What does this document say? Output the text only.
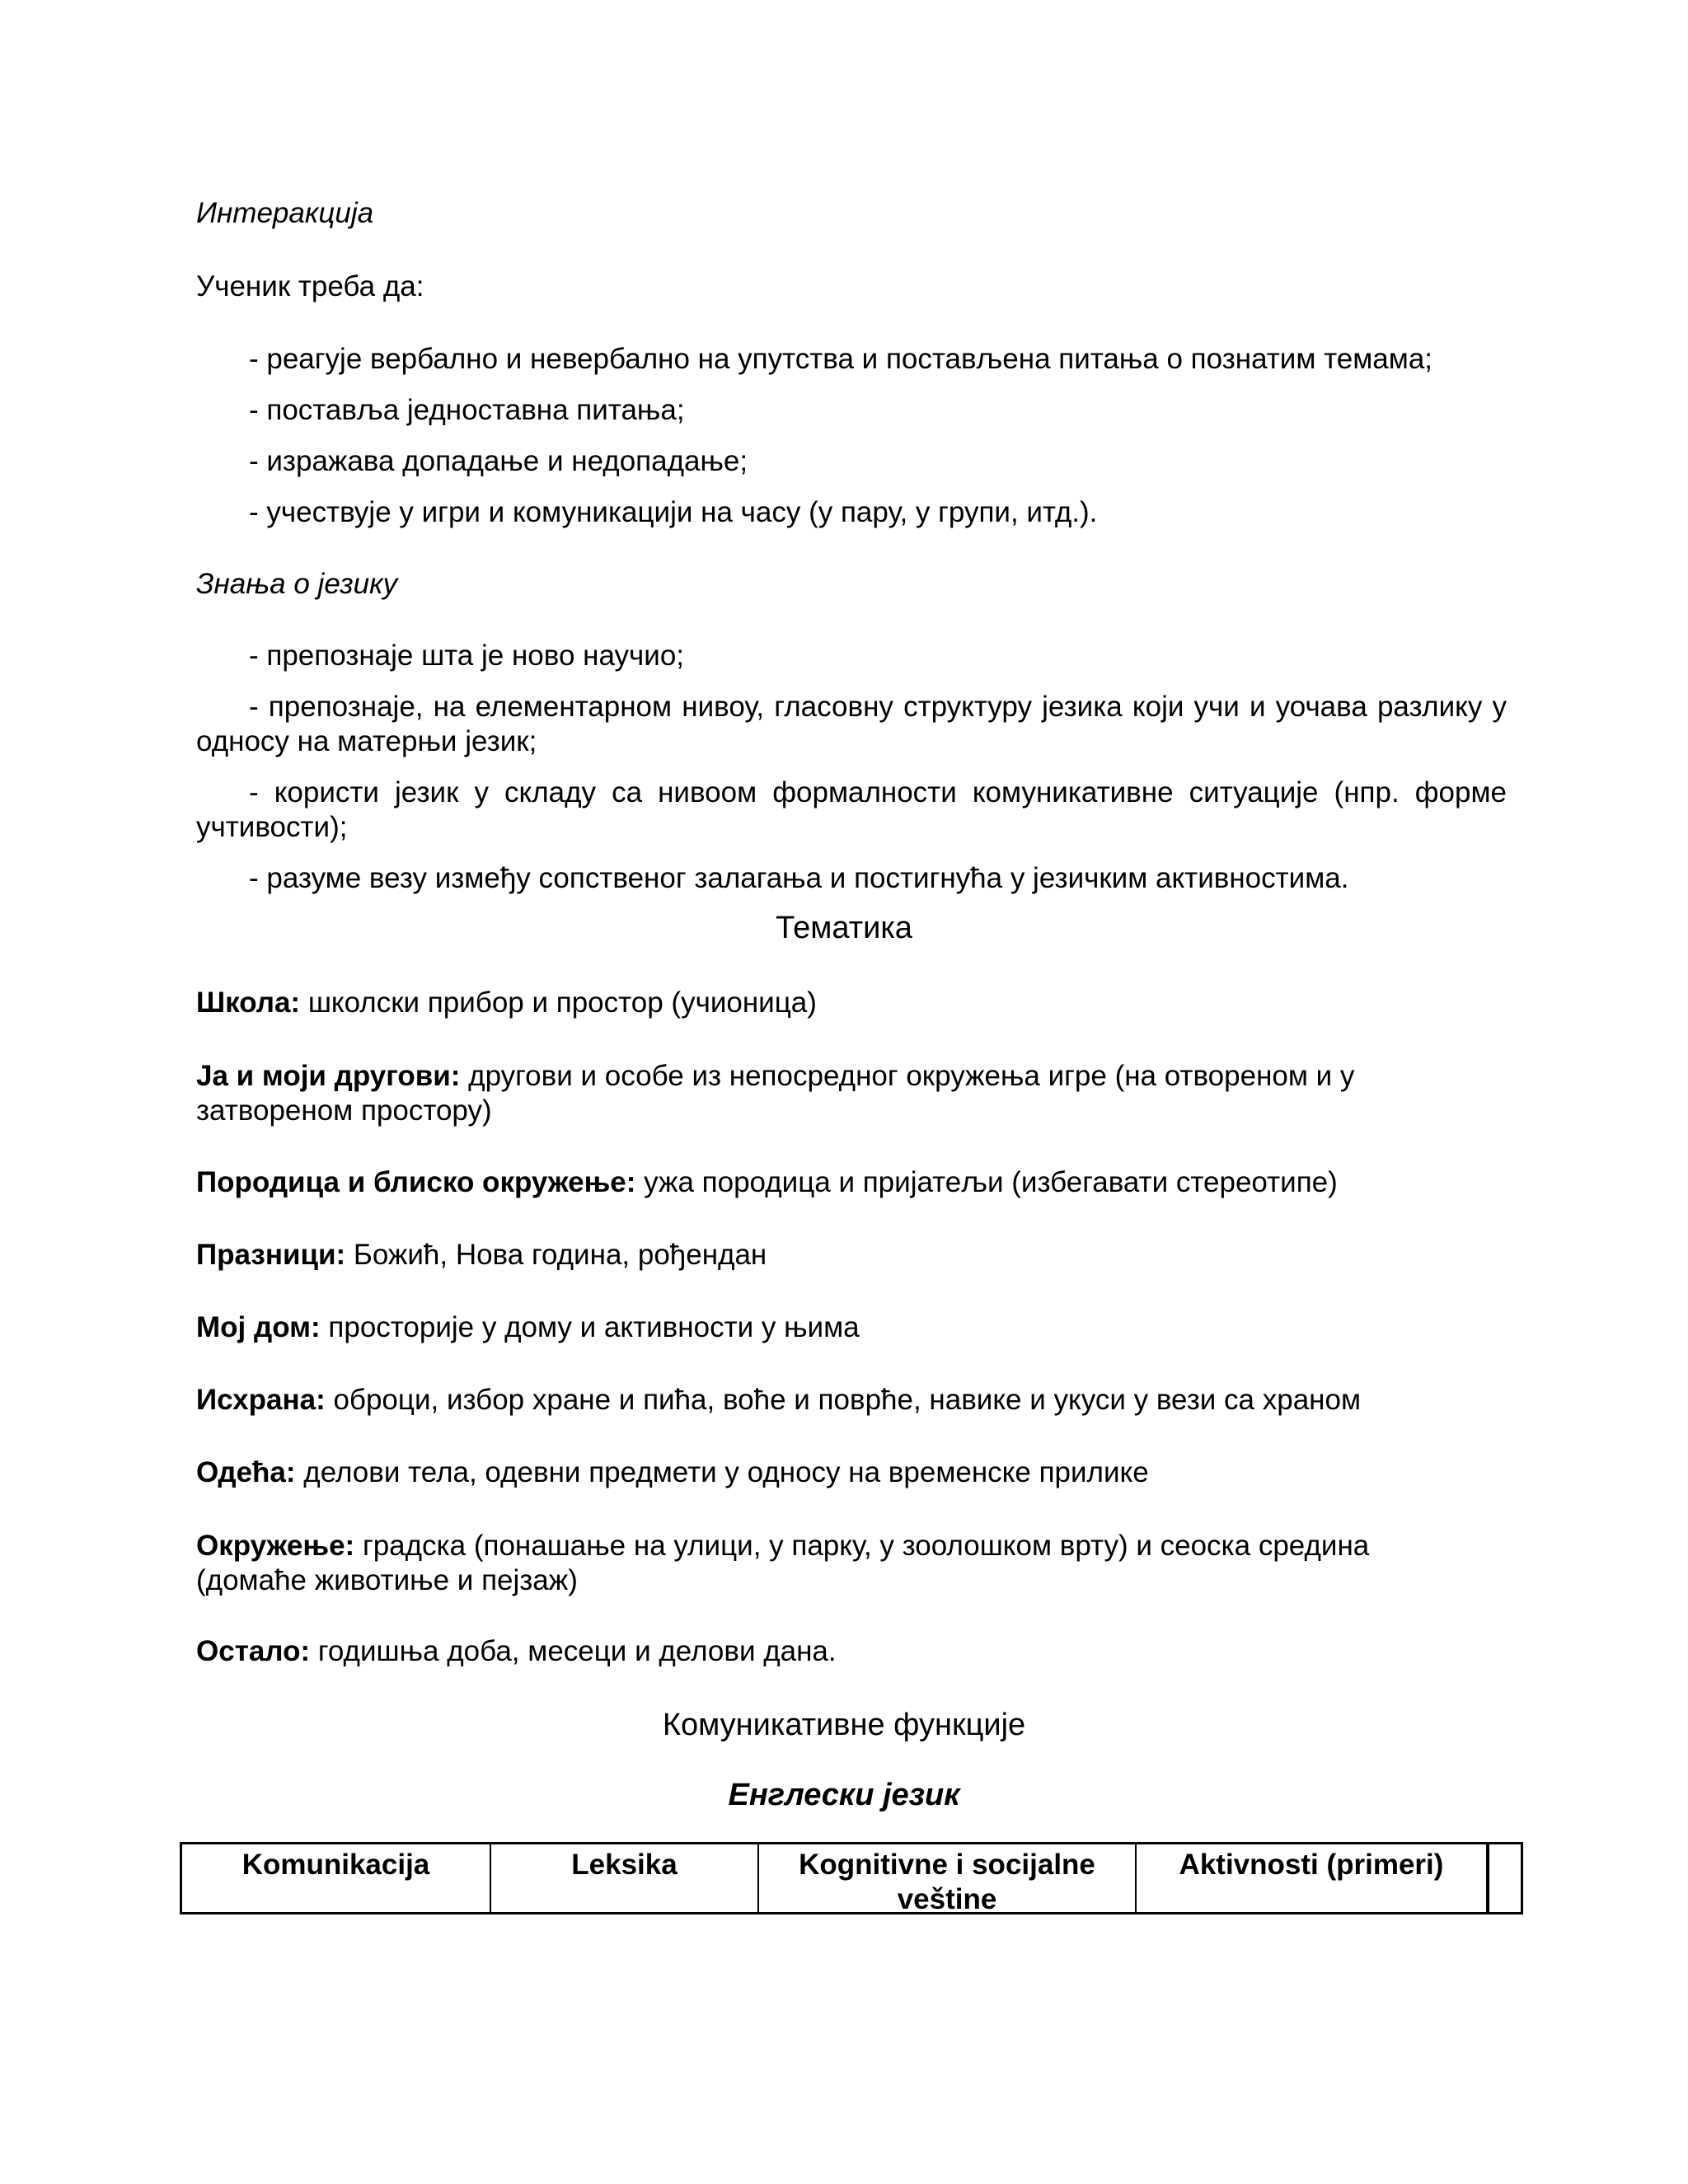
Интеракција
Ученик треба да:
- реагује вербално и невербално на упутства и постављена питања о познатим темама;
- поставља једноставна питања;
- изражава допадање и недопадање;
- учествује у игри и комуникацији на часу (у пару, у групи, итд.).
Знања о језику
- препознаје шта је ново научио;
- препознаје, на елементарном нивоу, гласовну структуру језика који учи и уочава разлику у односу на матерњи језик;
- користи језик у складу са нивоом формалности комуникативне ситуације (нпр. форме учтивости);
- разуме везу између сопственог залагања и постигнућа у језичким активностима.
Тематика
Школа: школски прибор и простор (учионица)
Ја и моји другови: другови и особе из непосредног окружења игре (на отвореном и у затвореном простору)
Породица и блиско окружење: ужа породица и пријатељи (избегавати стереотипе)
Празници: Божић, Нова година, рођендан
Мој дом: просторије у дому и активности у њима
Исхрана: оброци, избор хране и пића, воће и поврће, навике и укуси у вези са храном
Одећа: делови тела, одевни предмети у односу на временске прилике
Окружење: градска (понашање на улици, у парку, у зоолошком врту) и сеоска средина (домаће животиње и пејзаж)
Остало: годишња доба, месеци и делови дана.
Комуникативне функције
Енглески језик
Komunikacija	Leksika	Kognitivne i socijalne veštine
Aktivnosti (primeri)
